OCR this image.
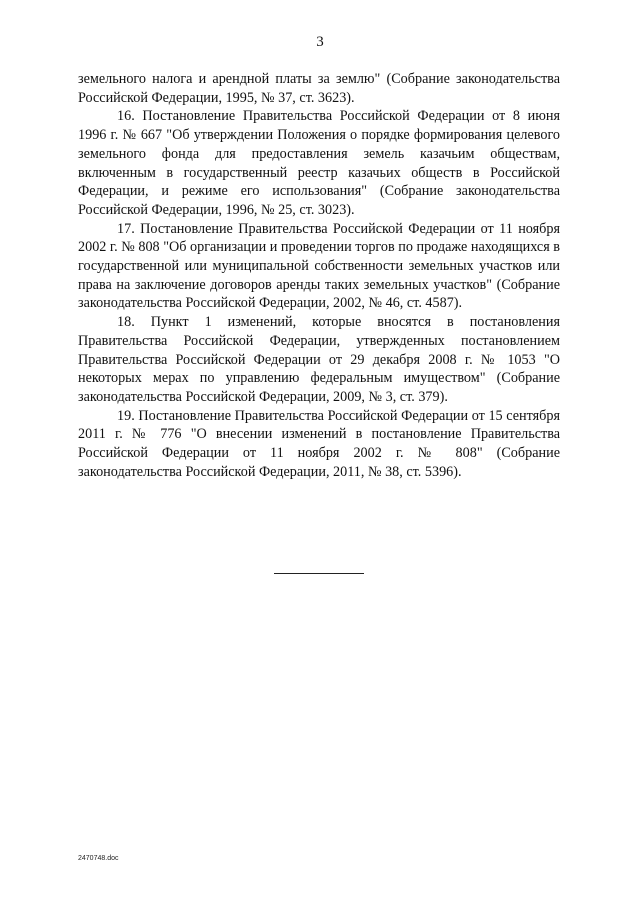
3

земельного налога и арендной платы за землю" (Собрание законодательства Российской Федерации, 1995, № 37, ст. 3623).

16. Постановление Правительства Российской Федерации от 8 июня 1996 г. № 667 "Об утверждении Положения о порядке формирования целевого земельного фонда для предоставления земель казачьим обществам, включенным в государственный реестр казачьих обществ в Российской Федерации, и режиме его использования" (Собрание законодательства Российской Федерации, 1996, № 25, ст. 3023).

17. Постановление Правительства Российской Федерации от 11 ноября 2002 г. № 808 "Об организации и проведении торгов по продаже находящихся в государственной или муниципальной собственности земельных участков или права на заключение договоров аренды таких земельных участков" (Собрание законодательства Российской Федерации, 2002, № 46, ст. 4587).

18. Пункт 1 изменений, которые вносятся в постановления Правительства Российской Федерации, утвержденных постановлением Правительства Российской Федерации от 29 декабря 2008 г. № 1053 "О некоторых мерах по управлению федеральным имуществом" (Собрание законодательства Российской Федерации, 2009, № 3, ст. 379).

19. Постановление Правительства Российской Федерации от 15 сентября 2011 г. № 776 "О внесении изменений в постановление Правительства Российской Федерации от 11 ноября 2002 г. № 808" (Собрание законодательства Российской Федерации, 2011, № 38, ст. 5396).

2470748.doc
